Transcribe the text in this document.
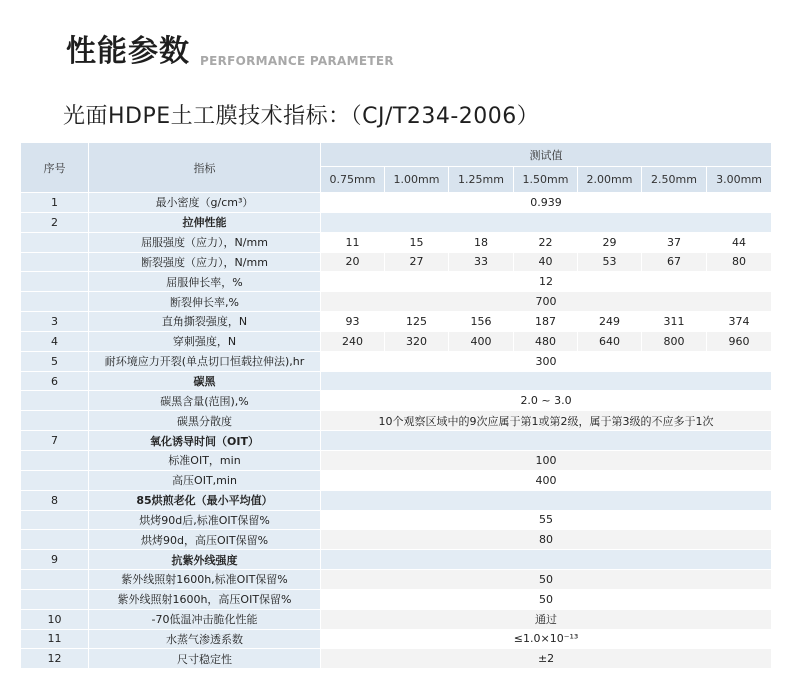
性能参数 PERFORMANCE PARAMETER
光面HDPE土工膜技术指标：（CJ/T234-2006）
序号	指标	测试值						
		0.75mm	1.00mm	1.25mm	1.50mm	2.00mm	2.50mm	3.00mm
1	最小密度（g/cm³）	0.939						
2	拉伸性能							
	屈服强度（应力），N/mm	11	15	18	22	29	37	44
	断裂强度（应力），N/mm	20	27	33	40	53	67	80
	屈服伸长率，%	12						
	断裂伸长率,%	700						
3	直角撕裂强度，N	93	125	156	187	249	311	374
4	穿刺强度，N	240	320	400	480	640	800	960
5	耐环境应力开裂(单点切口恒载拉伸法),hr	300						
6	碳黑							
	碳黑含量(范围),%	2.0 ~ 3.0						
	碳黑分散度	10个观察区域中的9次应属于第1或第2级，属于第3级的不应多于1次						
7	氧化诱导时间（OIT）							
	标准OIT，min	100						
	高压OIT,min	400						
8	85烘煎老化（最小平均值）							
	烘烤90d后,标准OIT保留%	55						
	烘烤90d，高压OIT保留%	80						
9	抗紫外线强度							
	紫外线照射1600h,标准OIT保留%	50						
	紫外线照射1600h，高压OIT保留%	50						
10	-70低温冲击脆化性能	通过						
11	水蒸气渗透系数	≤1.0×10⁻¹³						
12	尺寸稳定性	±2						
